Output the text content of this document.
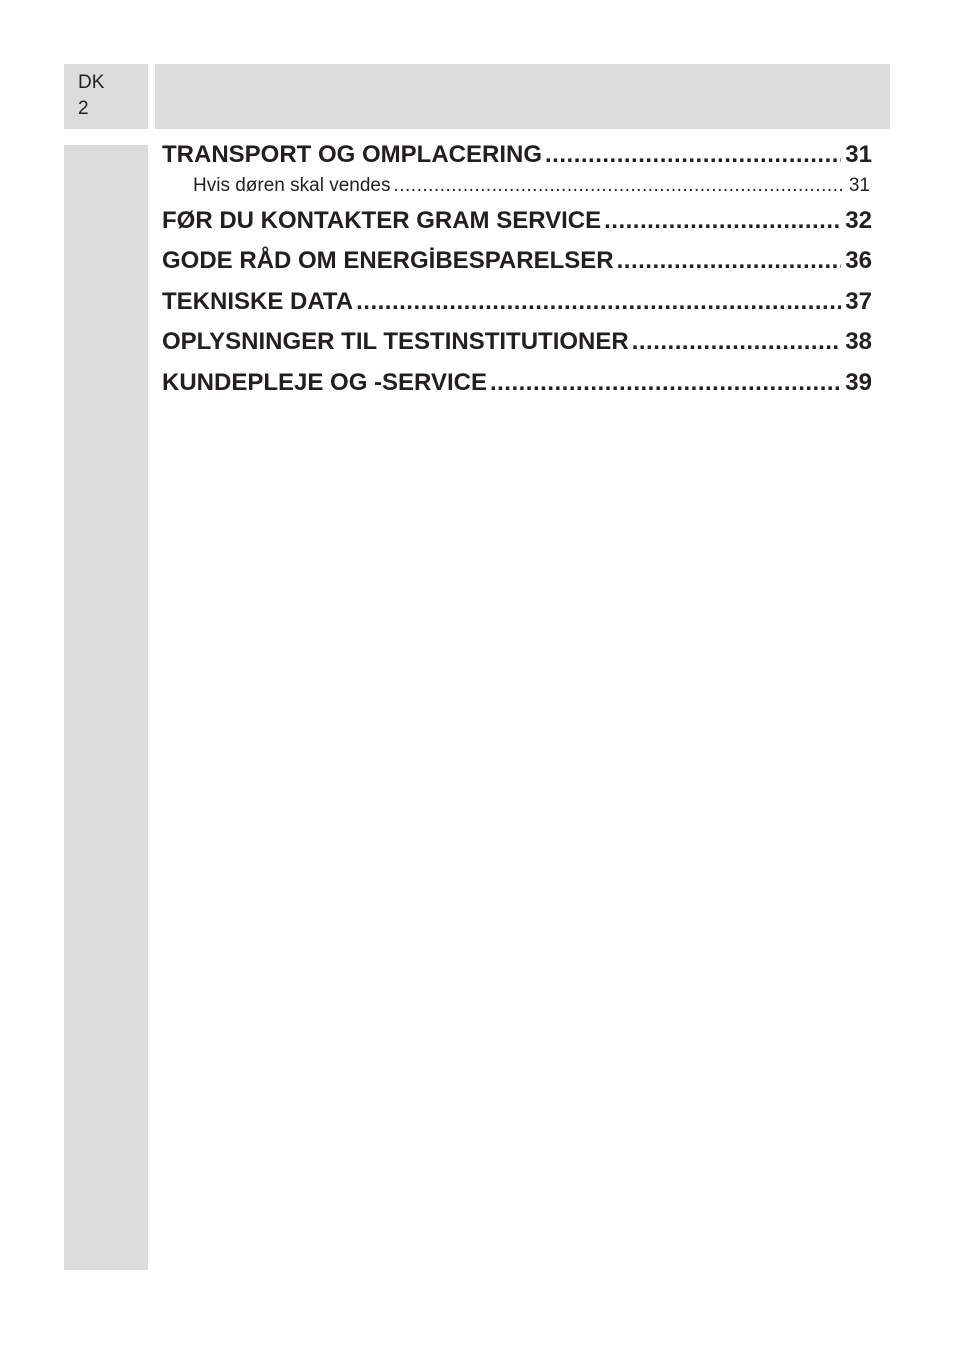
DK
2
TRANSPORT OG OMPLACERING .....	31
Hvis døren skal vendes .....	31
FØR DU KONTAKTER GRAM SERVICE .....	32
GODE RÅD OM ENERGİBESPARELSER .....	36
TEKNISKE DATA .....	37
OPLYSNINGER TIL TESTINSTITUTIONER .....	38
KUNDEPLEJE OG -SERVICE .....	39
